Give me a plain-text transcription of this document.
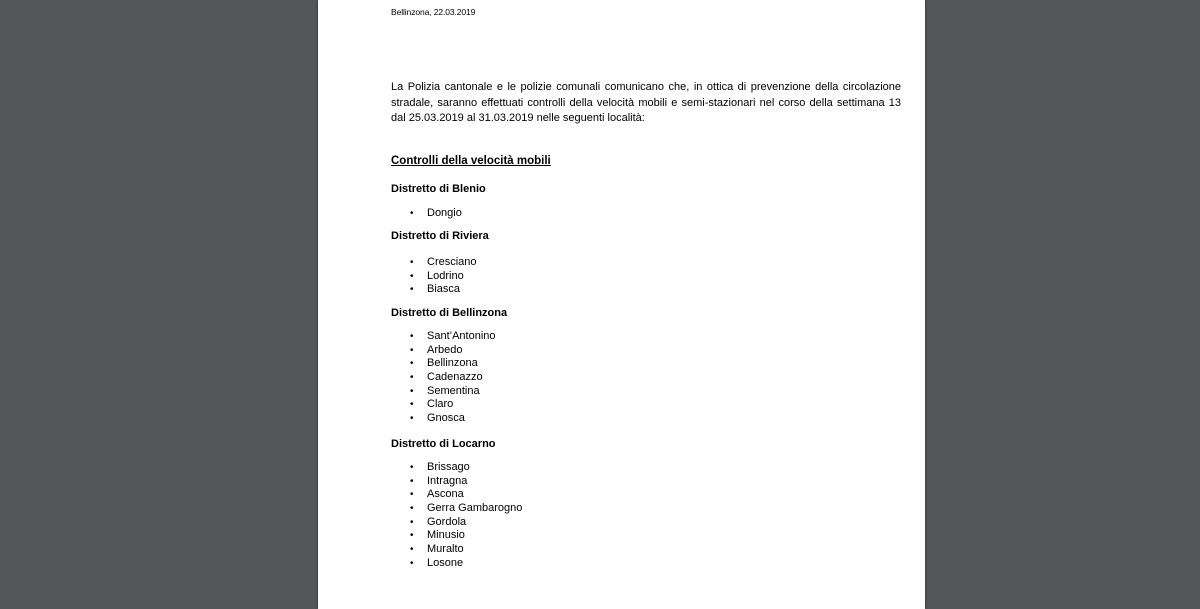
Bellinzona, 22.03.2019
La Polizia cantonale e le polizie comunali comunicano che, in ottica di prevenzione della circolazione stradale, saranno effettuati controlli della velocità mobili e semi-stazionari nel corso della settimana 13 dal 25.03.2019 al 31.03.2019 nelle seguenti località:
Controlli della velocità mobili
Distretto di Blenio
• Dongio
Distretto di Riviera
• Cresciano
• Lodrino
• Biasca
Distretto di Bellinzona
• Sant’Antonino
• Arbedo
• Bellinzona
• Cadenazzo
• Sementina
• Claro
• Gnosca
Distretto di Locarno
• Brissago
• Intragna
• Ascona
• Gerra Gambarogno
• Gordola
• Minusio
• Muralto
• Losone
